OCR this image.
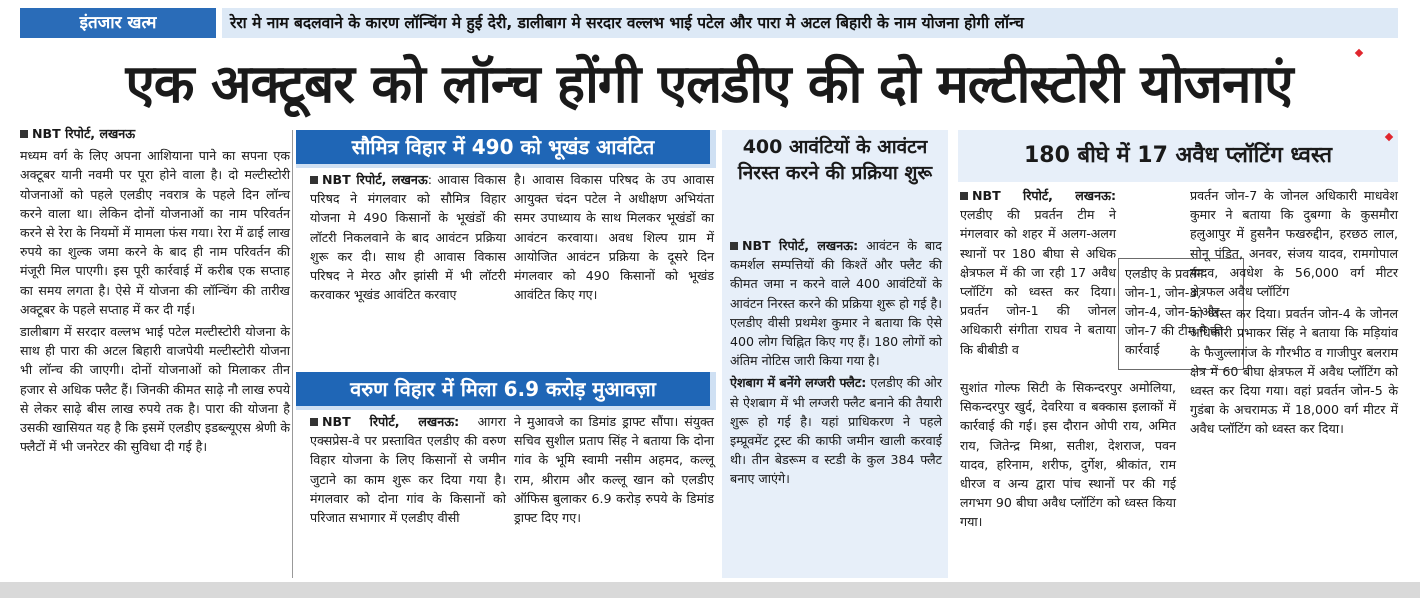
इंतजार खत्म	रेरा मे नाम बदलवाने के कारण लॉन्चिंग मे हुई देरी, डालीबाग मे सरदार वल्लभ भाई पटेल और पारा मे अटल बिहारी के नाम योजना होगी लॉन्च
एक अक्टूबर को लॉन्च होंगी एलडीए की दो मल्टीस्टोरी योजनाएं

NBT रिपोर्ट, लखनऊ

मध्यम वर्ग के लिए अपना आशियाना पाने का सपना एक अक्टूबर यानी नवमी पर पूरा होने वाला है। दो मल्टीस्टोरी योजनाओं को पहले एलडीए नवरात्र के पहले दिन लॉन्च करने वाला था। लेकिन दोनों योजनाओं का नाम परिवर्तन करने से रेरा के नियमों में मामला फंस गया। रेरा में ढाई लाख रुपये का शुल्क जमा करने के बाद ही नाम परिवर्तन की मंजूरी मिल पाएगी। इस पूरी कार्रवाई में करीब एक सप्ताह का समय लगता है। ऐसे में योजना की लॉन्चिंग की तारीख अक्टूबर के पहले सप्ताह में कर दी गई।

डालीबाग में सरदार वल्लभ भाई पटेल मल्टीस्टोरी योजना के साथ ही पारा की अटल बिहारी वाजपेयी मल्टीस्टोरी योजना भी लॉन्च की जाएगी। दोनों योजनाओं को मिलाकर तीन हजार से अधिक फ्लैट हैं। जिनकी कीमत साढ़े नौ लाख रुपये से लेकर साढ़े बीस लाख रुपये तक है। पारा की योजना है उसकी खासियत यह है कि इसमें एलडीए इडब्ल्यूएस श्रेणी के फ्लैटों में भी जनरेटर की सुविधा दी गई है।

सौमित्र विहार में 490 को भूखंड आवंटित

NBT रिपोर्ट, लखनऊ: आवास विकास परिषद ने मंगलवार को सौमित्र विहार योजना मे 490 किसानों के भूखंडों की लॉटरी निकलवाने के बाद आवंटन प्रक्रिया शुरू कर दी। साथ ही आवास विकास परिषद ने मेरठ और झांसी में भी लॉटरी करवाकर भूखंड आवंटित करवाए

है। आवास विकास परिषद के उप आवास आयुक्त चंदन पटेल ने अधीक्षण अभियंता समर उपाध्याय के साथ मिलकर भूखंडों का आवंटन करवाया। अवध शिल्प ग्राम में आयोजित आवंटन प्रक्रिया के दूसरे दिन मंगलवार को 490 किसानों को भूखंड आवंटित किए गए।

वरुण विहार में मिला 6.9 करोड़ मुआवज़ा

NBT रिपोर्ट, लखनऊ: आगरा एक्सप्रेस-वे पर प्रस्तावित एलडीए की वरुण विहार योजना के लिए किसानों से जमीन जुटाने का काम शुरू कर दिया गया है। मंगलवार को दोना गांव के किसानों को परिजात सभागार में एलडीए वीसी

ने मुआवजे का डिमांड ड्राफ्ट सौंपा। संयुक्त सचिव सुशील प्रताप सिंह ने बताया कि दोना गांव के भूमि स्वामी नसीम अहमद, कल्लू राम, श्रीराम और कल्लू खान को एलडीए ऑफिस बुलाकर 6.9 करोड़ रुपये के डिमांड ड्राफ्ट दिए गए।

400 आवंटियों के आवंटन निरस्त करने की प्रक्रिया शुरू

NBT रिपोर्ट, लखनऊ: आवंटन के बाद कमर्शल सम्पत्तियों की किश्तें और फ्लैट की कीमत जमा न करने वाले 400 आवंटियों के आवंटन निरस्त करने की प्रक्रिया शुरू हो गई है। एलडीए वीसी प्रथमेश कुमार ने बताया कि ऐसे 400 लोग चिह्नित किए गए हैं। 180 लोगों को अंतिम नोटिस जारी किया गया है।

ऐशबाग में बनेंगे लग्जरी फ्लैट: एलडीए की ओर से ऐशबाग में भी लग्जरी फ्लैट बनाने की तैयारी शुरू हो गई है। यहां प्राधिकरण ने पहले इम्प्रूवमेंट ट्रस्ट की काफी जमीन खाली करवाई थी। तीन बेडरूम व स्टडी के कुल 384 फ्लैट बनाए जाएंगे।

180 बीघे में 17 अवैध प्लॉटिंग ध्वस्त

NBT रिपोर्ट, लखनऊ: एलडीए की प्रवर्तन टीम ने मंगलवार को शहर में अलग-अलग स्थानों पर 180 बीघा से अधिक क्षेत्रफल में की जा रही 17 अवैध प्लॉटिंग को ध्वस्त कर दिया। प्रवर्तन जोन-1 की जोनल अधिकारी संगीता राघव ने बताया कि बीबीडी व

एलडीए के प्रवर्तन जोन-1, जोन-3, जोन-4, जोन-5 और जोन-7 की टीम ने की कार्रवाई

सुशांत गोल्फ सिटी के सिकन्दरपुर अमोलिया, सिकन्दरपुर खुर्द, देवरिया व बक्कास इलाकों में कार्रवाई की गई। इस दौरान ओपी राय, अमित राय, जितेन्द्र मिश्रा, सतीश, देशराज, पवन यादव, हरिनाम, शरीफ, दुर्गेश, श्रीकांत, राम धीरज व अन्य द्वारा पांच स्थानों पर की गई लगभग 90 बीघा अवैध प्लॉटिंग को ध्वस्त किया गया।

प्रवर्तन जोन-7 के जोनल अधिकारी माधवेश कुमार ने बताया कि दुबग्गा के कुसमौरा हलुआपुर में हुसनैन फखरुद्दीन, हरछठ लाल, सोनू पंडित, अनवर, संजय यादव, रामगोपाल यादव, अवधेश के 56,000 वर्ग मीटर क्षेत्रफल अवैध प्लॉटिंग

को ध्वस्त कर दिया। प्रवर्तन जोन-4 के जोनल अधिकारी प्रभाकर सिंह ने बताया कि मड़ियांव के फैजुल्लागंज के गौरभीठ व गाजीपुर बलराम क्षेत्र में 60 बीघा क्षेत्रफल में अवैध प्लॉटिंग को ध्वस्त कर दिया गया। वहां प्रवर्तन जोन-5 के गुडंबा के अचरामऊ में 18,000 वर्ग मीटर में अवैध प्लॉटिंग को ध्वस्त कर दिया।
